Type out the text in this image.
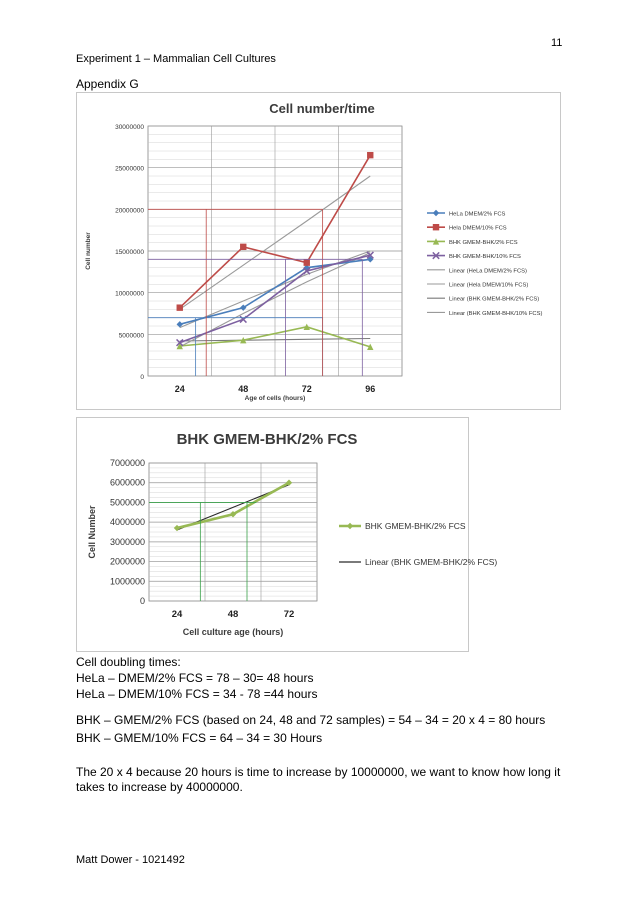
11
Experiment 1 – Mammalian Cell Cultures
Appendix G
0
5000000
10000000
15000000
20000000
25000000
30000000
24	48	72	96
Cell number/time
Age of cells (hours)
Cell number
HeLa DMEM/2% FCS
Hela DMEM/10% FCS
BHK GMEM-BHK/2% FCS
BHK GMEM-BHK/10% FCS
Linear (HeLa DMEM/2% FCS)
Linear (Hela DMEM/10% FCS)
Linear (BHK GMEM-BHK/2% FCS)
Linear (BHK GMEM-BHK/10% FCS)
0
1000000
2000000
3000000
4000000
5000000
6000000
7000000
24	48	72
BHK GMEM-BHK/2% FCS
Cell culture age (hours)
Cell Number	BHK GMEM-BHK/2% FCS
Linear (BHK GMEM-BHK/2% FCS)
Cell doubling times:
HeLa – DMEM/2% FCS = 78 – 30= 48 hours
HeLa – DMEM/10% FCS = 34 - 78 =44 hours
BHK – GMEM/2% FCS (based on 24, 48 and 72 samples) = 54 – 34 = 20 x 4 = 80 hours
BHK – GMEM/10% FCS = 64 – 34 = 30 Hours
The 20 x 4 because 20 hours is time to increase by 10000000, we want to know how long it takes to increase by 40000000.
Matt Dower - 1021492
